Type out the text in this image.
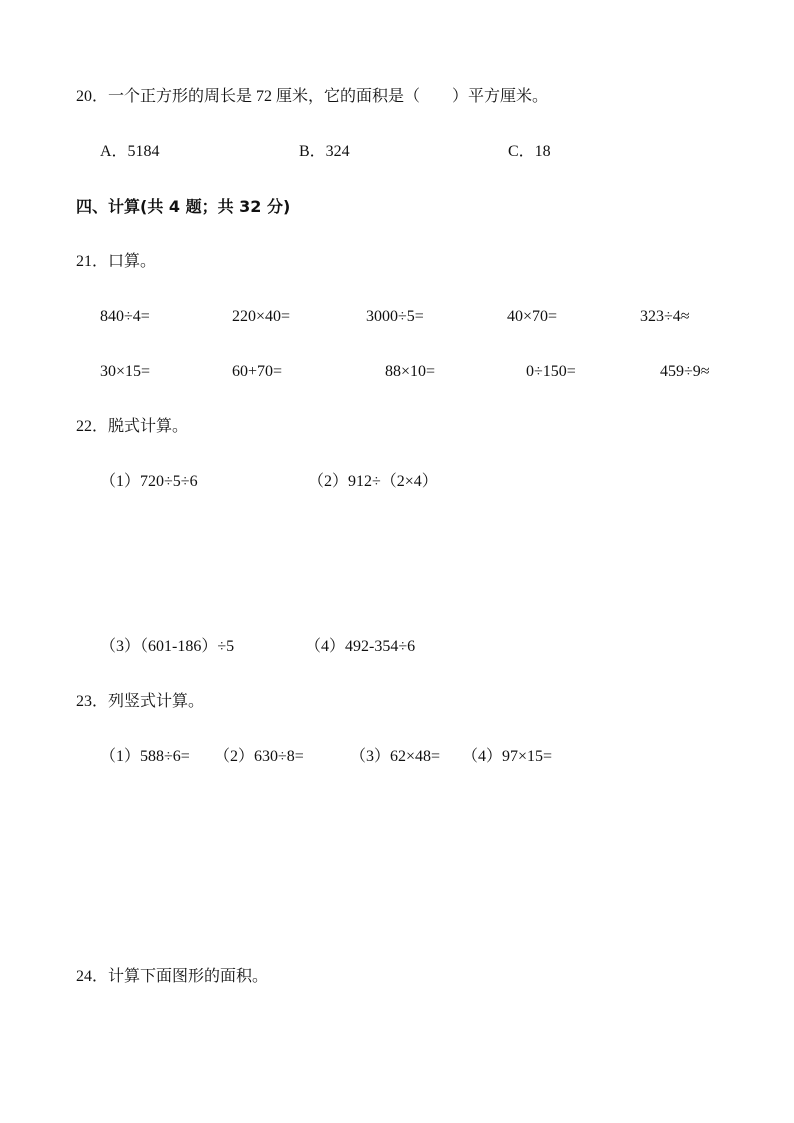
20．一个正方形的周长是 72 厘米，它的面积是（　　）平方厘米。
A．5184	B．324	C．18
四、计算(共 4 题；共 32 分)
21．口算。
840÷4=	220×40=	3000÷5=	40×70=	323÷4≈
30×15=	60+70=	88×10=	0÷150=	459÷9≈
22．脱式计算。
（1）720÷5÷6	（2）912÷（2×4）
（3）（601-186）÷5	（4）492-354÷6
23．列竖式计算。
（1）588÷6= （2）630÷8=	（3）62×48= （4）97×15=
24．计算下面图形的面积。
